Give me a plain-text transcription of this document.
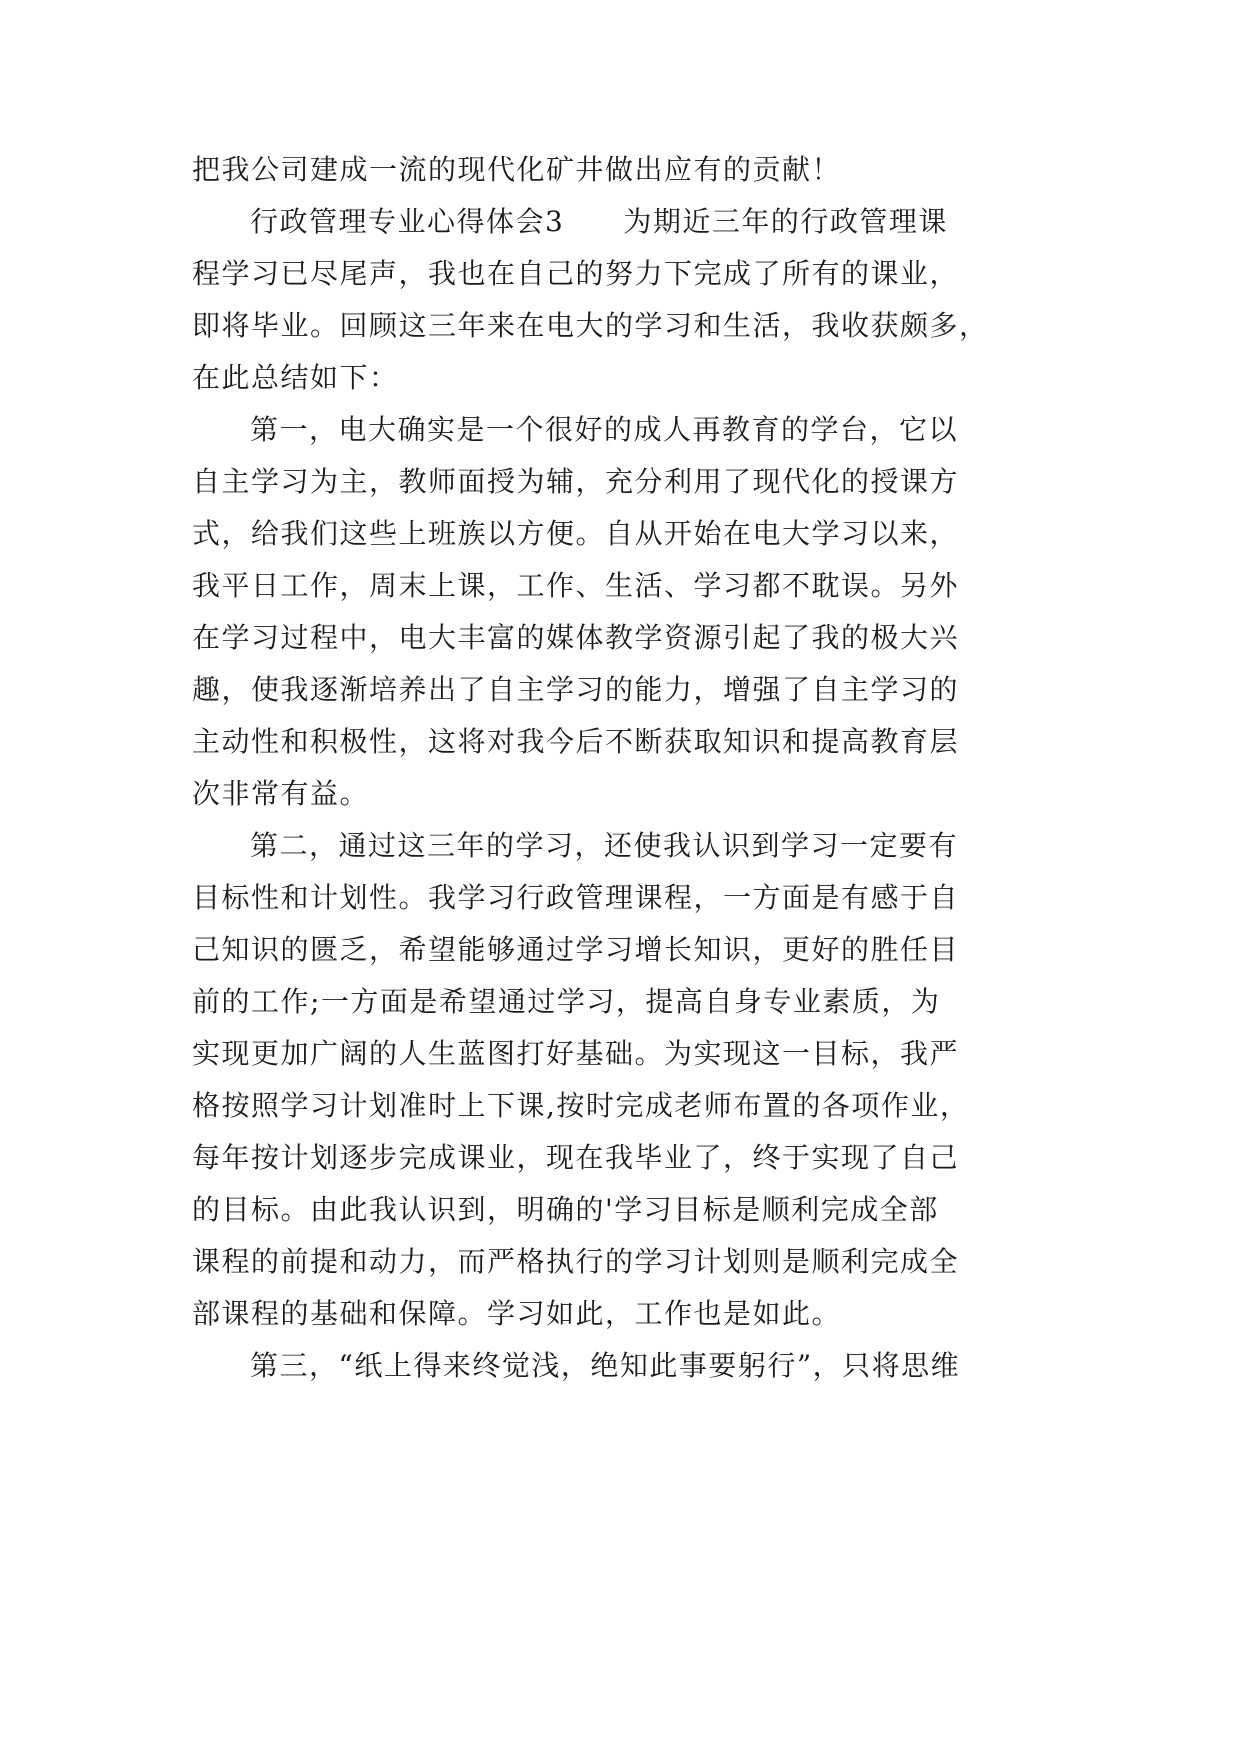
把我公司建成一流的现代化矿井做出应有的贡献！
行政管理专业心得体会3　　为期近三年的行政管理课
程学习已尽尾声，我也在自己的努力下完成了所有的课业，
即将毕业。回顾这三年来在电大的学习和生活，我收获颇多，
在此总结如下：
第一，电大确实是一个很好的成人再教育的学台，它以
自主学习为主，教师面授为辅，充分利用了现代化的授课方
式，给我们这些上班族以方便。自从开始在电大学习以来，
我平日工作，周末上课，工作、生活、学习都不耽误。另外
在学习过程中，电大丰富的媒体教学资源引起了我的极大兴
趣，使我逐渐培养出了自主学习的能力，增强了自主学习的
主动性和积极性，这将对我今后不断获取知识和提高教育层
次非常有益。
第二，通过这三年的学习，还使我认识到学习一定要有
目标性和计划性。我学习行政管理课程，一方面是有感于自
己知识的匮乏，希望能够通过学习增长知识，更好的胜任目
前的工作;一方面是希望通过学习，提高自身专业素质，为
实现更加广阔的人生蓝图打好基础。为实现这一目标，我严
格按照学习计划准时上下课,按时完成老师布置的各项作业，
每年按计划逐步完成课业，现在我毕业了，终于实现了自己
的目标。由此我认识到，明确的'学习目标是顺利完成全部
课程的前提和动力，而严格执行的学习计划则是顺利完成全
部课程的基础和保障。学习如此，工作也是如此。
第三，“纸上得来终觉浅，绝知此事要躬行”，只将思维
